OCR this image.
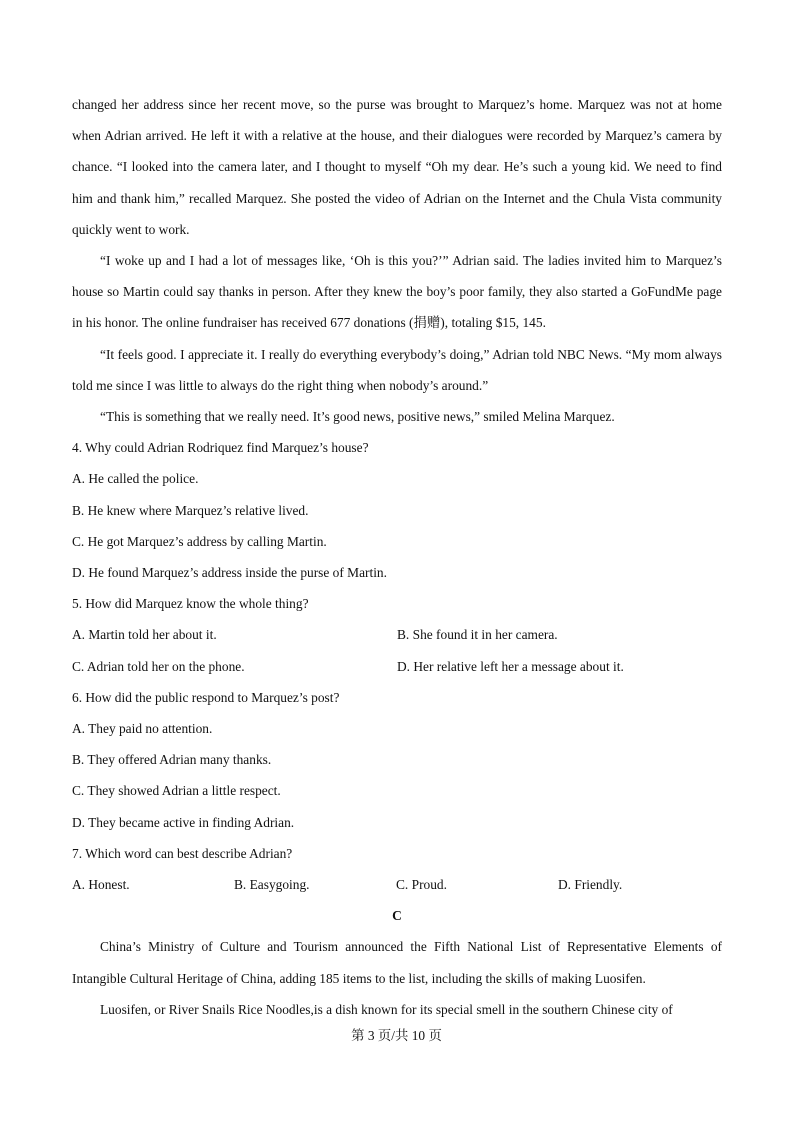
changed her address since her recent move, so the purse was brought to Marquez’s home. Marquez was not at home when Adrian arrived. He left it with a relative at the house, and their dialogues were recorded by Marquez’s camera by chance. “I looked into the camera later, and I thought to myself “Oh my dear. He’s such a young kid. We need to find him and thank him,” recalled Marquez. She posted the video of Adrian on the Internet and the Chula Vista community quickly went to work.

“I woke up and I had a lot of messages like, ‘Oh is this you?’” Adrian said. The ladies invited him to Marquez’s house so Martin could say thanks in person. After they knew the boy’s poor family, they also started a GoFundMe page in his honor. The online fundraiser has received 677 donations (捐赠), totaling $15, 145.

“It feels good. I appreciate it. I really do everything everybody’s doing,” Adrian told NBC News. “My mom always told me since I was little to always do the right thing when nobody’s around.”

“This is something that we really need. It’s good news, positive news,” smiled Melina Marquez.

4. Why could Adrian Rodriquez find Marquez’s house?

A. He called the police.

B. He knew where Marquez’s relative lived.

C. He got Marquez’s address by calling Martin.

D. He found Marquez’s address inside the purse of Martin.

5. How did Marquez know the whole thing?

A. Martin told her about it.	B. She found it in her camera.
C. Adrian told her on the phone.	D. Her relative left her a message about it.

6. How did the public respond to Marquez’s post?

A. They paid no attention.

B. They offered Adrian many thanks.

C. They showed Adrian a little respect.

D. They became active in finding Adrian.

7. Which word can best describe Adrian?

A. Honest.	B. Easygoing.	C. Proud.	D. Friendly.

C

China’s Ministry of Culture and Tourism announced the Fifth National List of Representative Elements of Intangible Cultural Heritage of China, adding 185 items to the list, including the skills of making Luosifen.

Luosifen, or River Snails Rice Noodles,is a dish known for its special smell in the southern Chinese city of

第 3 页/共 10 页
